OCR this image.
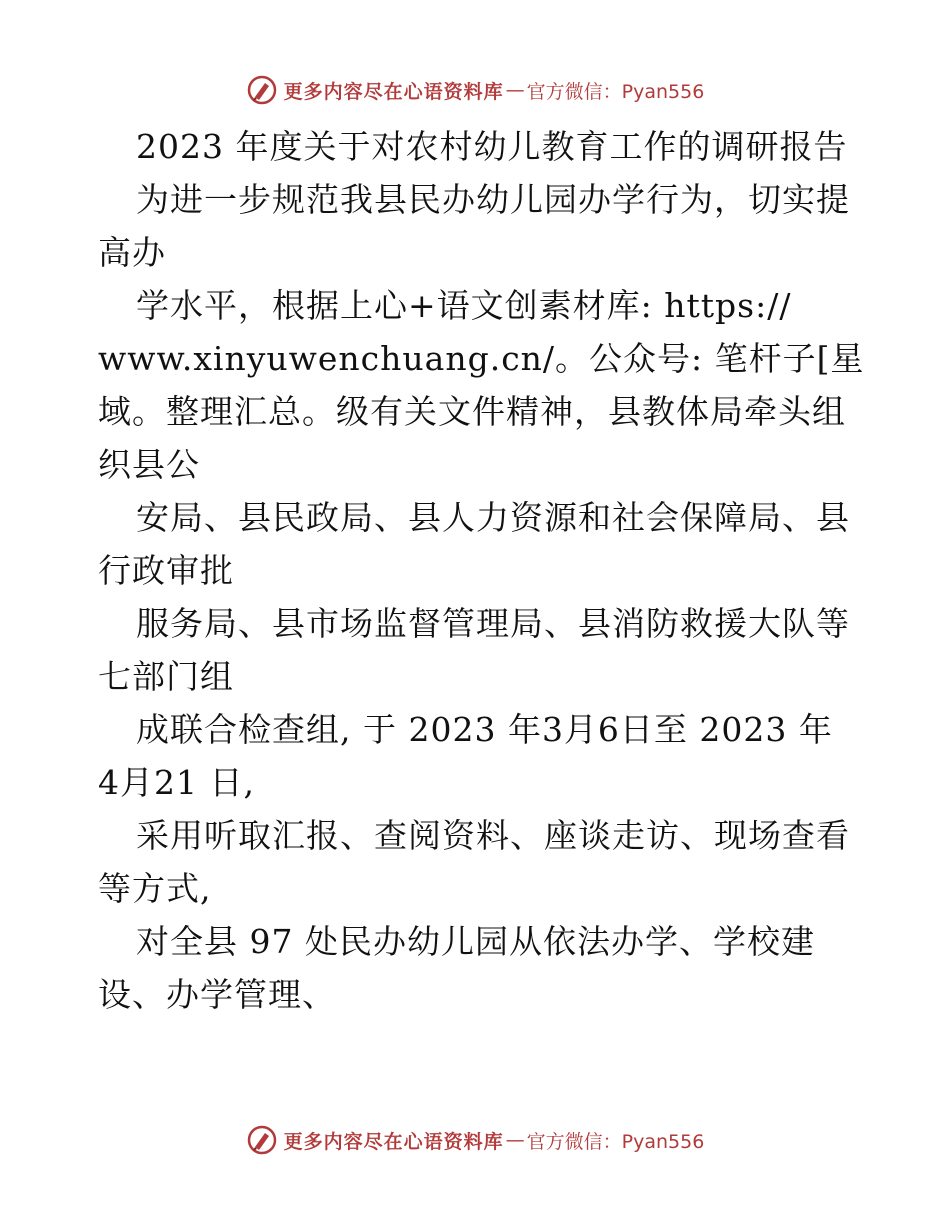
更多内容尽在心语资料库 — 官方微信：Pyan556
2023 年度关于对农村幼儿教育工作的调研报告
为进一步规范我县民办幼儿园办学行为，切实提
高办
学水平，根据上心+语文创素材库: https://
www.xinyuwenchuang.cn/。公众号: 笔杆子[星
域。整理汇总。级有关文件精神，县教体局牵头组
织县公
安局、县民政局、县人力资源和社会保障局、县
行政审批
服务局、县市场监督管理局、县消防救援大队等
七部门组
成联合检查组, 于 2023 年3月6日至 2023 年
4月21 日,
采用听取汇报、查阅资料、座谈走访、现场查看
等方式,
对全县 97 处民办幼儿园从依法办学、学校建
设、办学管理、
更多内容尽在心语资料库 — 官方微信：Pyan556
